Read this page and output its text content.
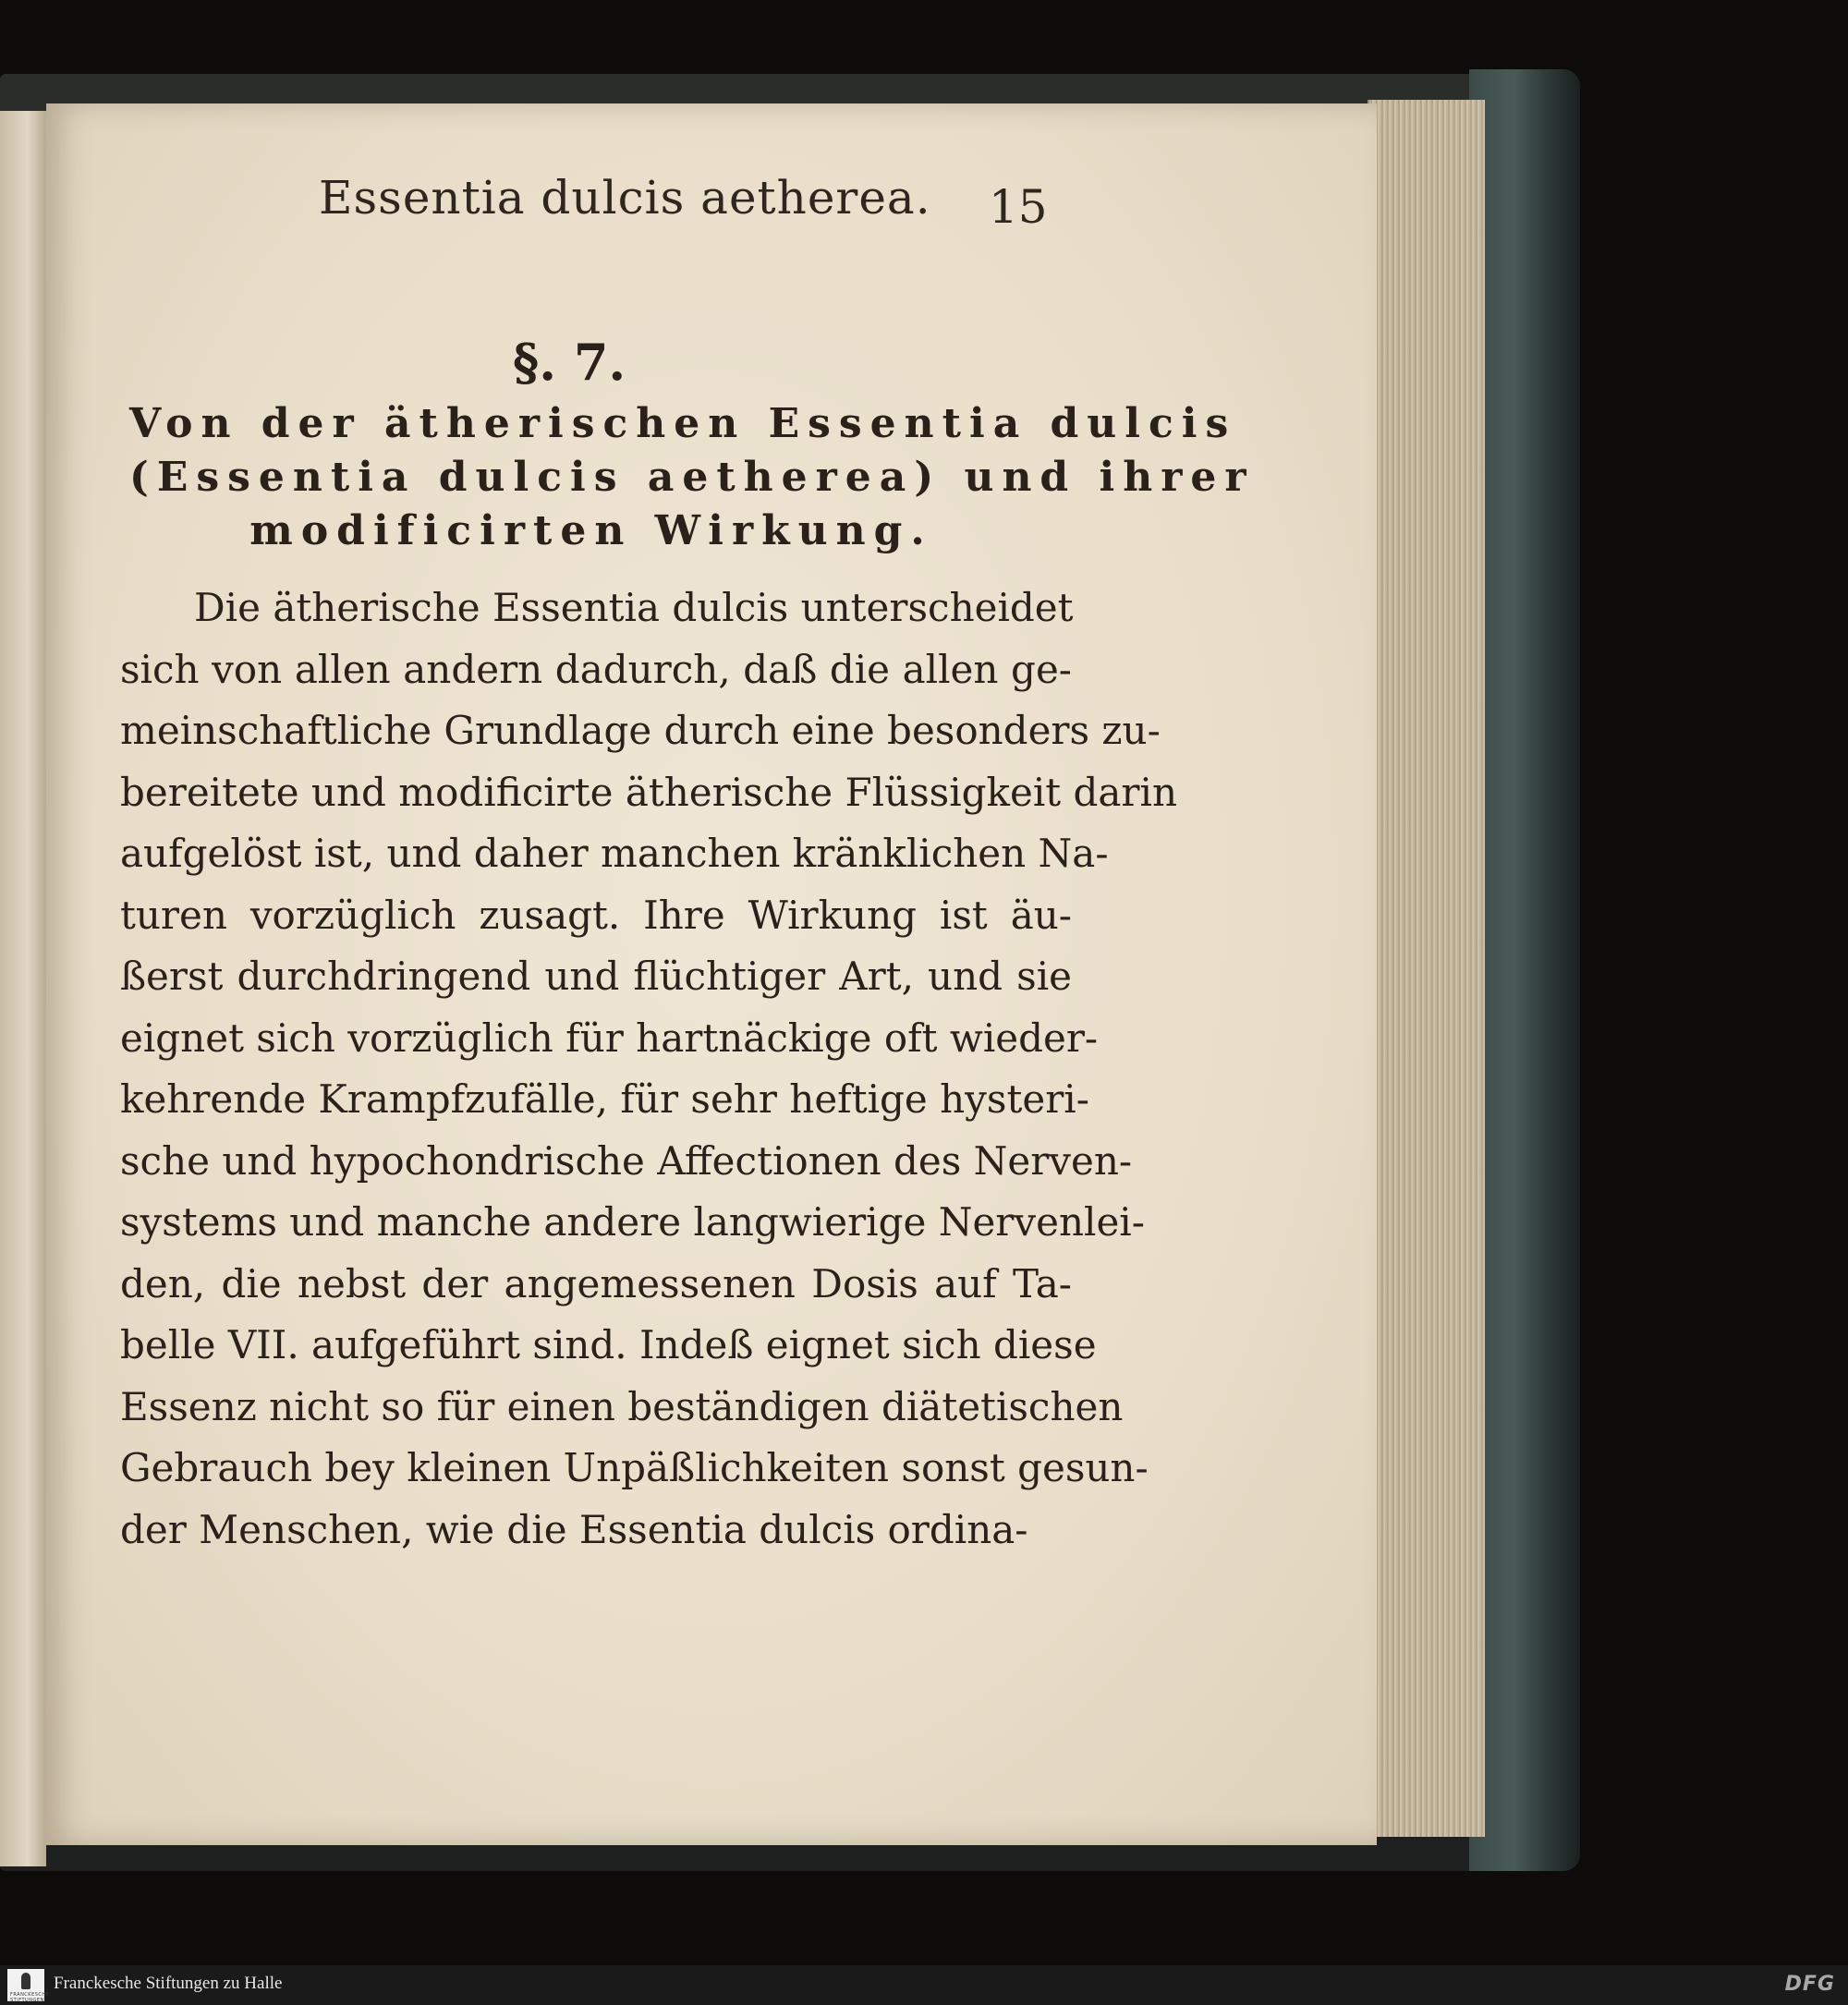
Essentia dulcis aetherea.	15
§. 7.
Von der ätherischen Essentia dulcis
(Essentia dulcis aetherea) und ihrer
modificirten Wirkung.
Die ätherische Essentia dulcis unterscheidet
sich von allen andern dadurch, daß die allen ge-
meinschaftliche Grundlage durch eine besonders zu-
bereitete und modificirte ätherische Flüssigkeit darin
aufgelöst ist, und daher manchen kränklichen Na-
turen vorzüglich zusagt. Ihre Wirkung ist äu-
ßerst durchdringend und flüchtiger Art, und sie
eignet sich vorzüglich für hartnäckige oft wieder-
kehrende Krampfzufälle, für sehr heftige hysteri-
sche und hypochondrische Affectionen des Nerven-
systems und manche andere langwierige Nervenlei-
den, die nebst der angemessenen Dosis auf Ta-
belle VII. aufgeführt sind. Indeß eignet sich diese
Essenz nicht so für einen beständigen diätetischen
Gebrauch bey kleinen Unpäßlichkeiten sonst gesun-
der Menschen, wie die Essentia dulcis ordina-
FRANCKESCHE STIFTUNGEN
Franckesche Stiftungen zu Halle	DFG
